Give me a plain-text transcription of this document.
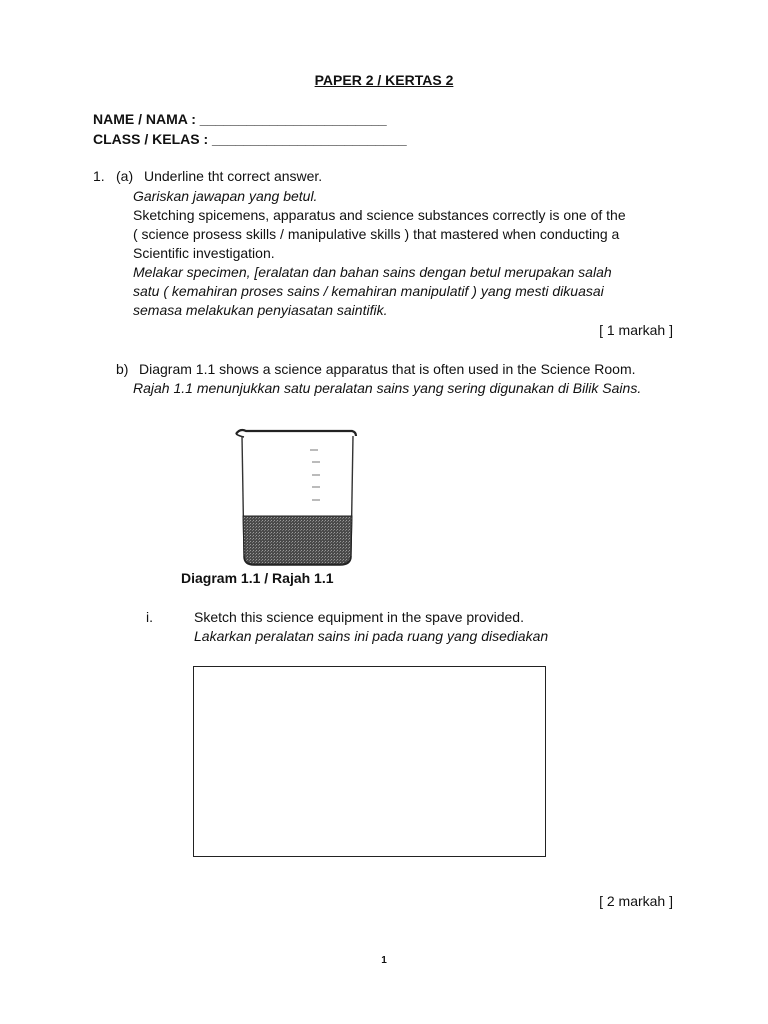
PAPER 2 / KERTAS 2
NAME / NAMA : ________________________
CLASS / KELAS : _________________________
1. (a) Underline tht correct answer.
Gariskan jawapan yang betul.
Sketching spicemens, apparatus and science substances correctly is one of the
( science prosess skills / manipulative skills ) that mastered when conducting a
Scientific investigation.
Melakar specimen, [eralatan dan bahan sains dengan betul merupakan salah
satu ( kemahiran proses sains / kemahiran manipulatif ) yang mesti dikuasai
semasa melakukan penyiasatan saintifik.
[ 1 markah ]
b) Diagram 1.1 shows a science apparatus that is often used in the Science Room.
Rajah 1.1 menunjukkan satu peralatan sains yang sering digunakan di Bilik Sains.
Diagram 1.1 / Rajah 1.1
i.	Sketch this science equipment in the spave provided.
Lakarkan peralatan sains ini pada ruang yang disediakan
[ 2 markah ]
1
